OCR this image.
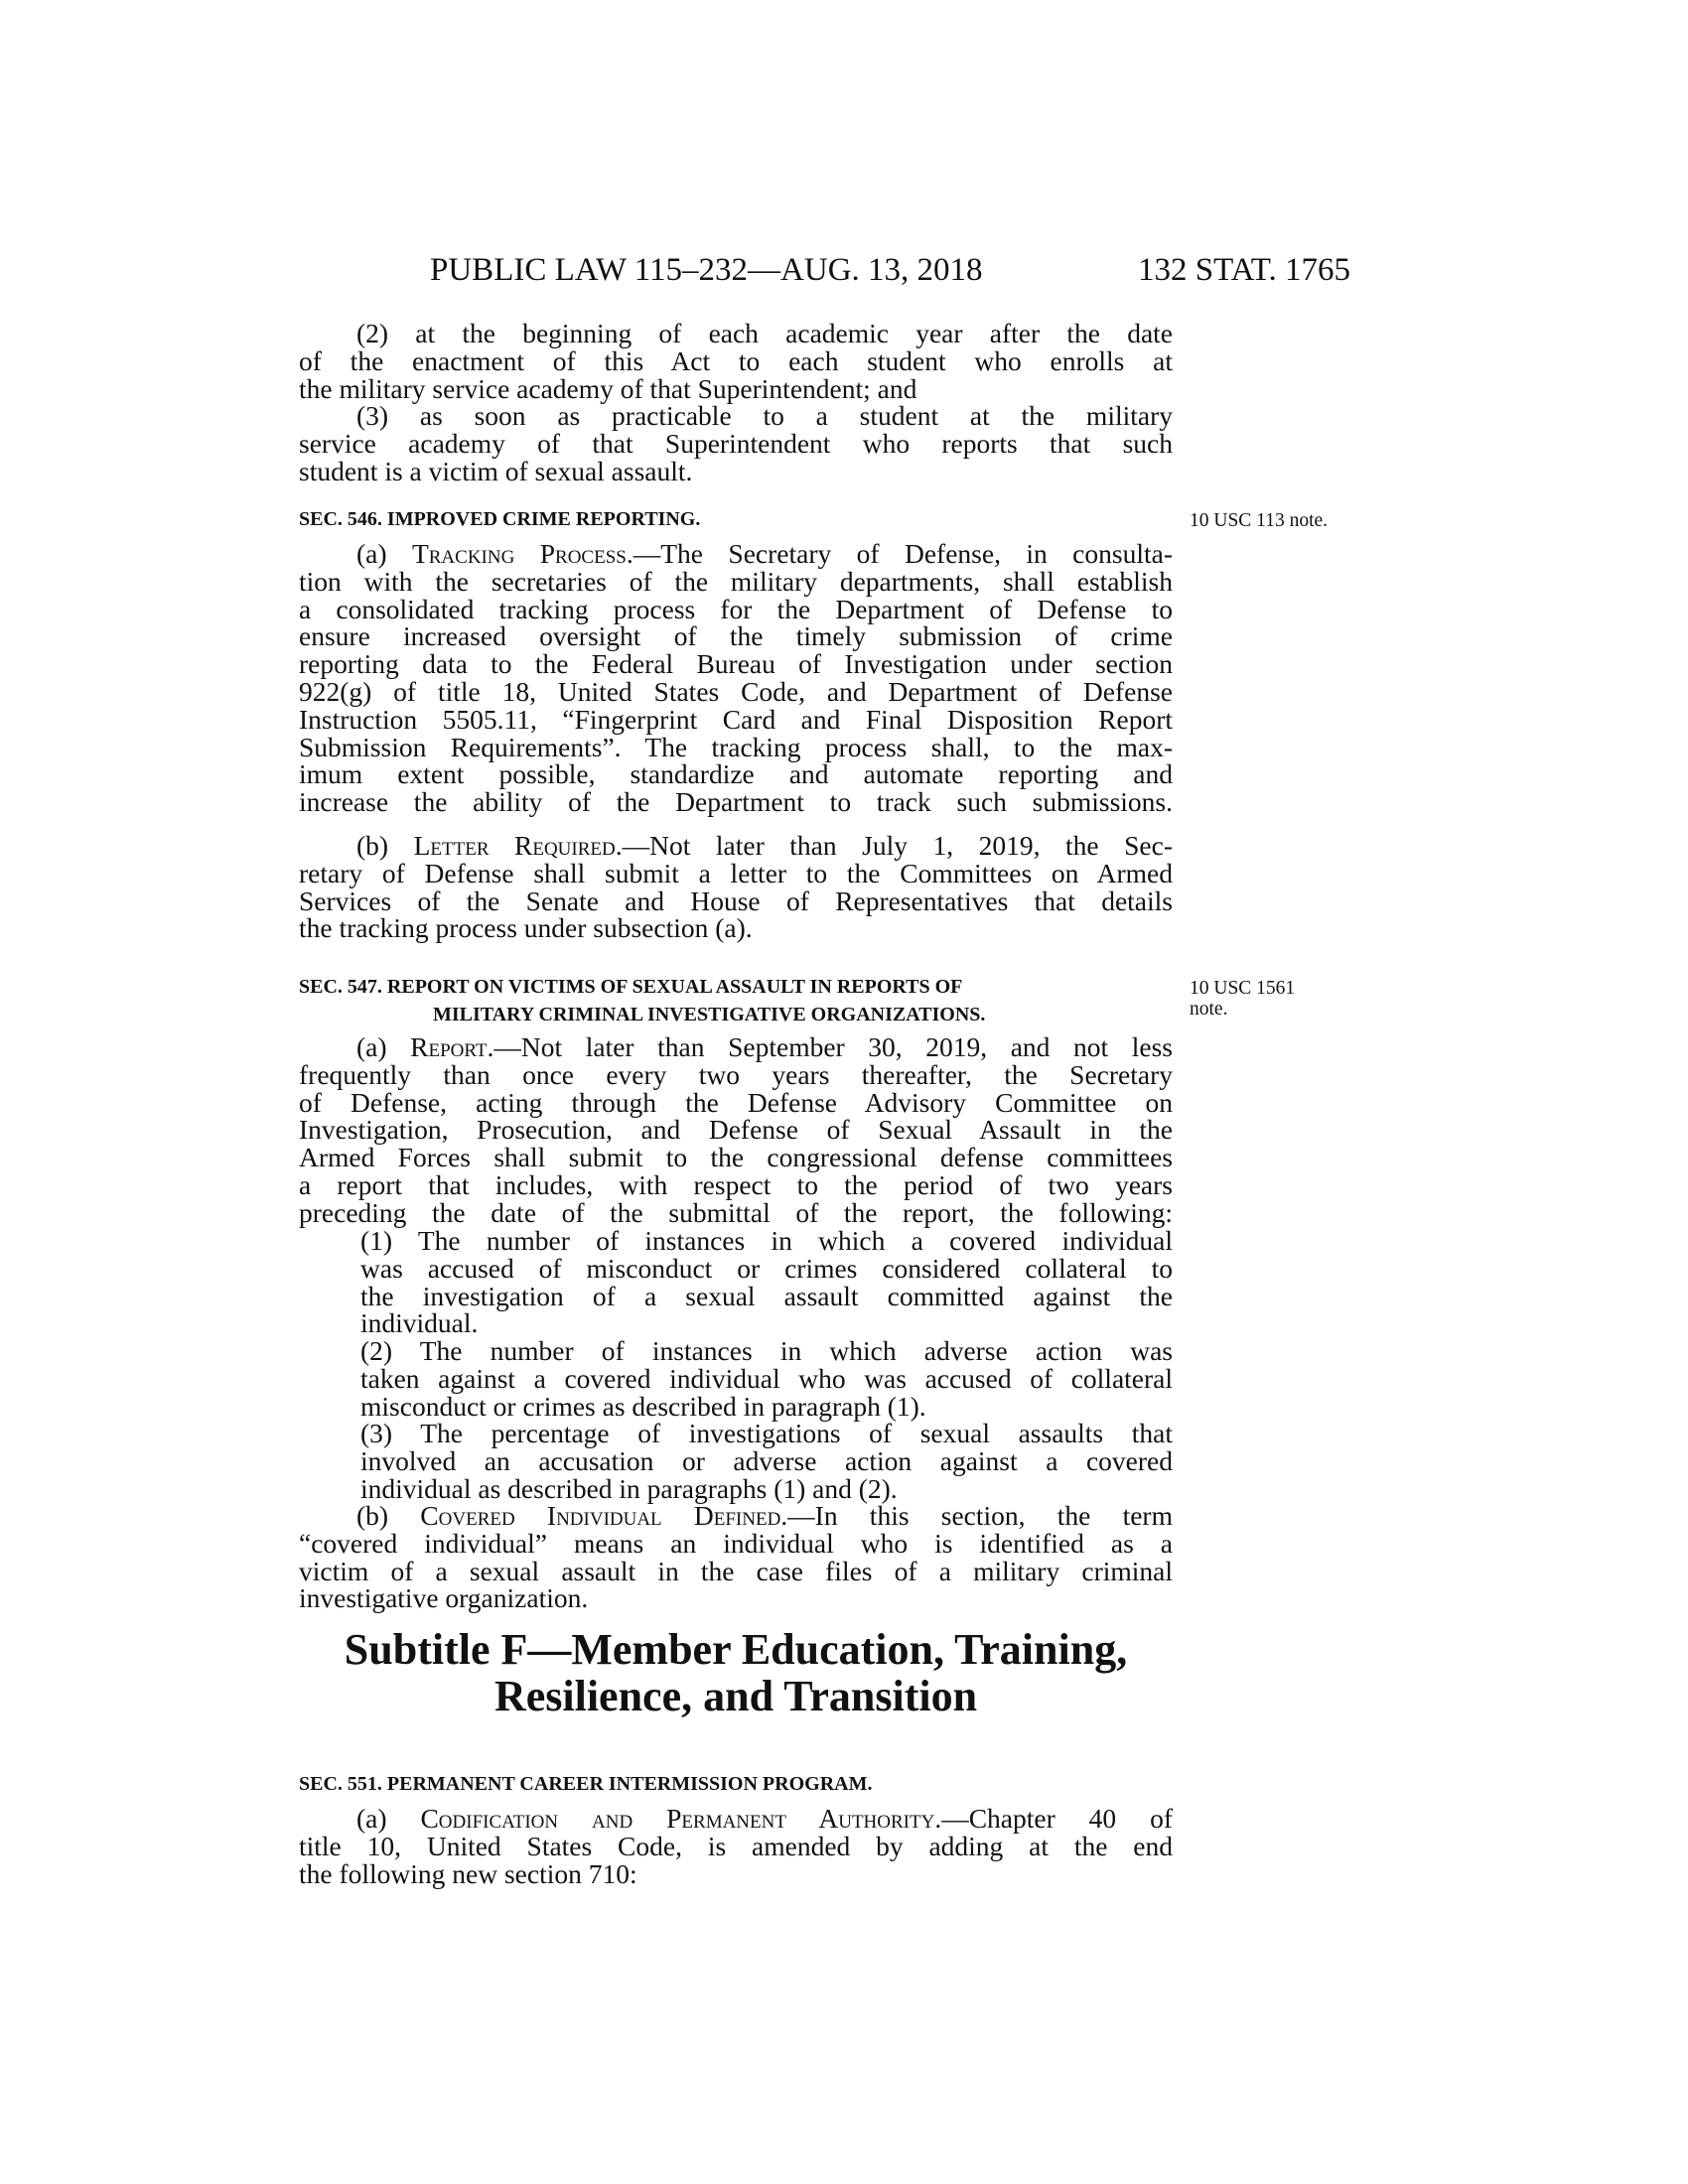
PUBLIC LAW 115–232—AUG. 13, 2018	132 STAT. 1765
(2) at the beginning of each academic year after the date
of the enactment of this Act to each student who enrolls at
the military service academy of that Superintendent; and
(3) as soon as practicable to a student at the military
service academy of that Superintendent who reports that such
student is a victim of sexual assault.
SEC. 546. IMPROVED CRIME REPORTING.
(a) Tracking Process.—The Secretary of Defense, in consulta-
tion with the secretaries of the military departments, shall establish
a consolidated tracking process for the Department of Defense to
ensure increased oversight of the timely submission of crime
reporting data to the Federal Bureau of Investigation under section
922(g) of title 18, United States Code, and Department of Defense
Instruction 5505.11, “Fingerprint Card and Final Disposition Report
Submission Requirements”. The tracking process shall, to the max-
imum extent possible, standardize and automate reporting and
increase the ability of the Department to track such submissions.
(b) Letter Required.—Not later than July 1, 2019, the Sec-
retary of Defense shall submit a letter to the Committees on Armed
Services of the Senate and House of Representatives that details
the tracking process under subsection (a).
10 USC 113 note.
SEC. 547. REPORT ON VICTIMS OF SEXUAL ASSAULT IN REPORTS OF
MILITARY CRIMINAL INVESTIGATIVE ORGANIZATIONS.
(a) Report.—Not later than September 30, 2019, and not less
frequently than once every two years thereafter, the Secretary
of Defense, acting through the Defense Advisory Committee on
Investigation, Prosecution, and Defense of Sexual Assault in the
Armed Forces shall submit to the congressional defense committees
a report that includes, with respect to the period of two years
preceding the date of the submittal of the report, the following:
(1) The number of instances in which a covered individual
was accused of misconduct or crimes considered collateral to
the investigation of a sexual assault committed against the
individual.
(2) The number of instances in which adverse action was
taken against a covered individual who was accused of collateral
misconduct or crimes as described in paragraph (1).
(3) The percentage of investigations of sexual assaults that
involved an accusation or adverse action against a covered
individual as described in paragraphs (1) and (2).
(b) Covered Individual Defined.—In this section, the term
“covered individual” means an individual who is identified as a
victim of a sexual assault in the case files of a military criminal
investigative organization.
10 USC 1561
note.
Subtitle F—Member Education, Training,
Resilience, and Transition
SEC. 551. PERMANENT CAREER INTERMISSION PROGRAM.
(a) Codification and Permanent Authority.—Chapter 40 of
title 10, United States Code, is amended by adding at the end
the following new section 710:
